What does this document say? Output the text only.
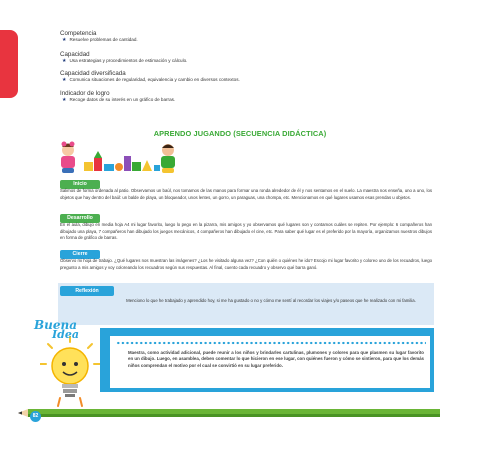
Competencia
★ Resuelve problemas de cantidad.
Capacidad
★ Usa estrategias y procedimientos de estimación y cálculo.
Capacidad diversificada
★ Comunica situaciones de regularidad, equivalencia y cambio en diversos contextos.
Indicador de logro
★ Recoge datos de su interés en un gráfico de barras.
APRENDO JUGANDO (SECUENCIA DIDÁCTICA)
Inicio
Salimos de forma ordenada al patio. Observamos un baúl, nos tomamos de las manos para formar una ronda alrededor de él y nos sentamos en el suelo. La maestra nos enseña, uno a uno, los objetos que hay dentro del baúl: un balde de playa, un bloqueador, unos lentes, un gorro, un paraguas, una chompa, etc. Mencionamos en qué lugares usamos esas prendas u objetos.
Desarrollo
En el aula, dibujo en media hoja A4 mi lugar favorito, luego lo pego en la pizarra, mis amigos y yo observamos qué lugares son y contamos cuáles se repiten. Por ejemplo: 6 compañeros han dibujado una playa, 7 compañeros han dibujado los juegos mecánicos, 4 compañeros han dibujado el cine, etc. Para saber qué lugar es el preferido por la mayoría, organizamos nuestros dibujos en forma de gráfico de barras.
Cierre
Observo mi hoja de trabajo. ¿Qué lugares nos muestran las imágenes? ¿Los he visitado alguna vez? ¿Con quién o quiénes he ido? Escojo mi lugar favorito y coloreo uno de los recuadros, luego pregunto a mis amigos y voy coloreando los recuadros según sus respuestas. Al final, cuento cada recuadro y observo qué barra ganó.
Reflexión
Menciono lo que he trabajado y aprendido hoy, si me ha gustado o no y cómo me sentí al recordar los viajes y/o paseos que he realizado con mi familia.
Maestra, como actividad adicional, puede reunir a los niños y brindarles cartulinas, plumones y colores para que plasmen su lugar favorito en un dibujo. Luego, en asamblea, deben comentar lo que hicieron en ese lugar, con quiénes fueron y cómo se sintieron, para que los demás niños comprendan el motivo por el cual se convirtió en su lugar preferido.
Buena
Idea
82
